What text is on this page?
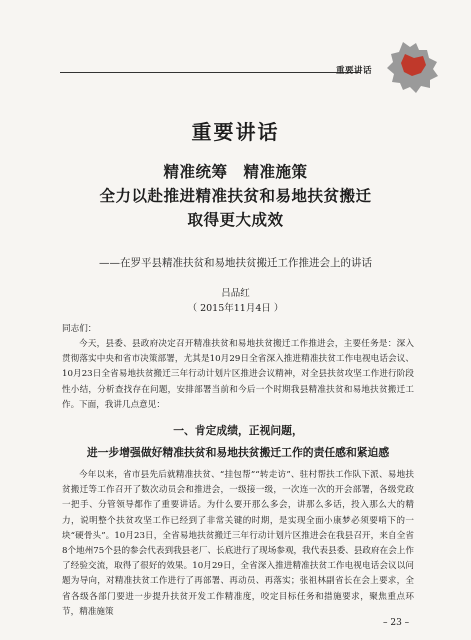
重要讲话
重要讲话
精准统筹　精准施策
全力以赴推进精准扶贫和易地扶贫搬迁
取得更大成效
——在罗平县精准扶贫和易地扶贫搬迁工作推进会上的讲话
吕品红
（ 2015年11月4日 ）

同志们：

今天，县委、县政府决定召开精准扶贫和易地扶贫搬迁工作推进会，主要任务是：深入贯彻落实中央和省市决策部署，尤其是10月29日全省深入推进精准扶贫工作电视电话会议、10月23日全省易地扶贫搬迁三年行动计划片区推进会议精神，对全县扶贫攻坚工作进行阶段性小结，分析查找存在问题，安排部署当前和今后一个时期我县精准扶贫和易地扶贫搬迁工作。 下面，我讲几点意见：

一、肯定成绩，正视问题，
进一步增强做好精准扶贫和易地扶贫搬迁工作的责任感和紧迫感

今年以来，省市县先后就精准扶贫、“挂包帮”“转走访”、驻村帮扶工作队下派、易地扶贫搬迁等工作召开了数次动员会和推进会，一级接一级，一次连一次的开会部署，各级党政一把手、分管领导都作了重要讲话。为什么要开那么多会，讲那么多话，投入那么大的精力，说明整个扶贫攻坚工作已经到了非常关键的时期，是实现全面小康梦必须要啃下的一块“硬骨头”。10月23日，全省易地扶贫搬迁三年行动计划片区推进会在我县召开，来自全省8个地州75个县的参会代表到我县老厂、长底进行了现场参观，我代表县委、县政府在会上作了经验交流，取得了很好的效果。10月29日，全省深入推进精准扶贫工作电视电话会议以问题为导向，对精准扶贫工作进行了再部署、再动员、再落实；张祖林副省长在会上要求，全省各级各部门要进一步提升扶贫开发工作精准度，咬定目标任务和措施要求，聚焦重点环节，精准施策

– 23 –
